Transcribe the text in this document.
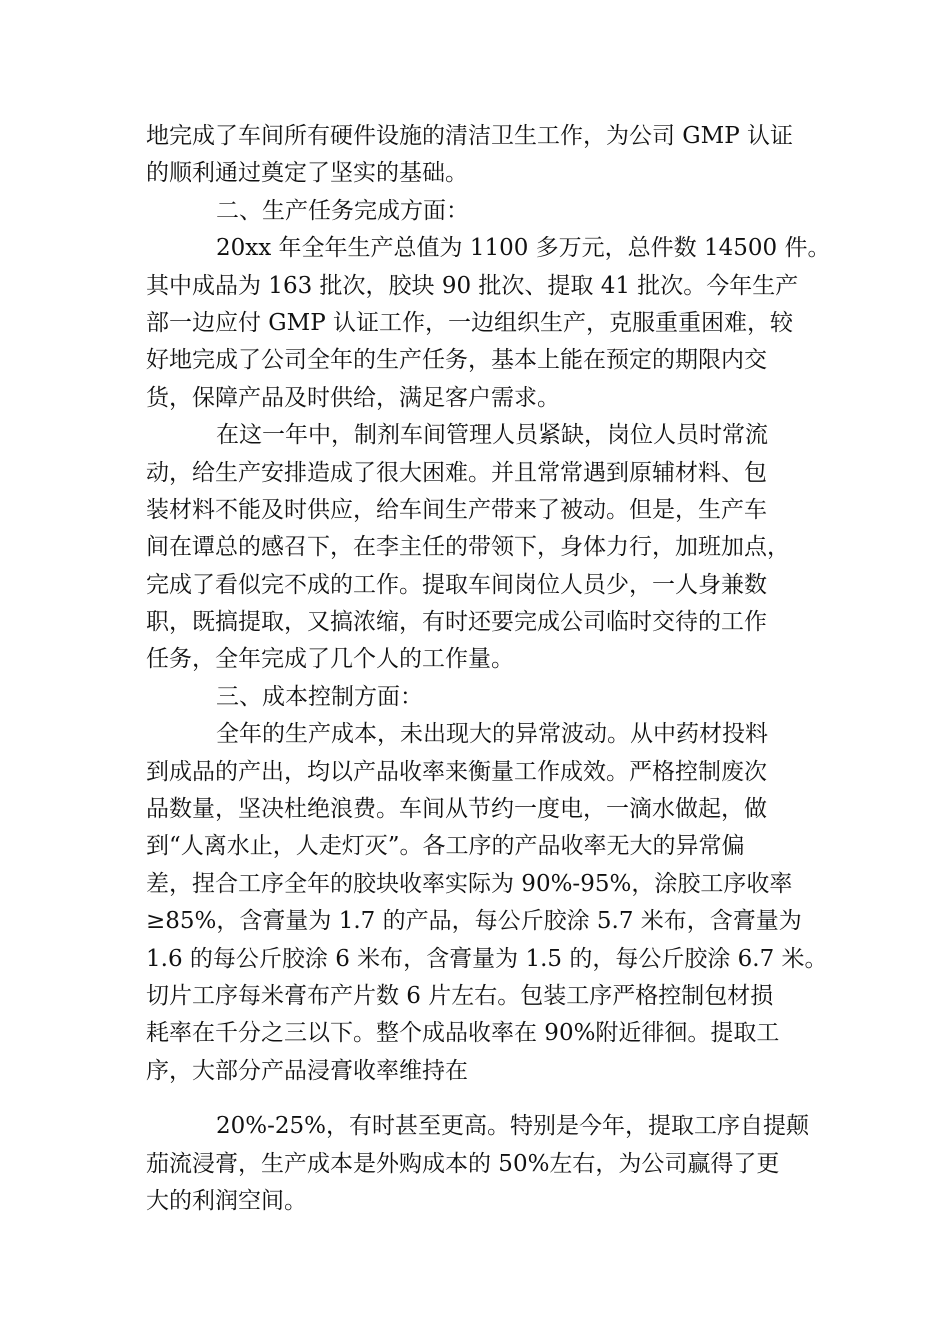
地完成了车间所有硬件设施的清洁卫生工作，为公司 GMP 认证
的顺利通过奠定了坚实的基础。
二、生产任务完成方面：
20xx 年全年生产总值为 1100 多万元，总件数 14500 件。
其中成品为 163 批次，胶块 90 批次、提取 41 批次。今年生产
部一边应付 GMP 认证工作，一边组织生产，克服重重困难，较
好地完成了公司全年的生产任务，基本上能在预定的期限内交
货，保障产品及时供给，满足客户需求。
在这一年中，制剂车间管理人员紧缺，岗位人员时常流
动，给生产安排造成了很大困难。并且常常遇到原辅材料、包
装材料不能及时供应，给车间生产带来了被动。但是，生产车
间在谭总的感召下，在李主任的带领下，身体力行，加班加点，
完成了看似完不成的工作。提取车间岗位人员少，一人身兼数
职，既搞提取，又搞浓缩，有时还要完成公司临时交待的工作
任务，全年完成了几个人的工作量。
三、成本控制方面：
全年的生产成本，未出现大的异常波动。从中药材投料
到成品的产出，均以产品收率来衡量工作成效。严格控制废次
品数量，坚决杜绝浪费。车间从节约一度电，一滴水做起，做
到“人离水止，人走灯灭”。各工序的产品收率无大的异常偏
差，捏合工序全年的胶块收率实际为 90%-95%，涂胶工序收率
≥85%，含膏量为 1.7 的产品，每公斤胶涂 5.7 米布，含膏量为
1.6 的每公斤胶涂 6 米布，含膏量为 1.5 的，每公斤胶涂 6.7 米。
切片工序每米膏布产片数 6 片左右。包装工序严格控制包材损
耗率在千分之三以下。整个成品收率在 90%附近徘徊。提取工
序，大部分产品浸膏收率维持在
20%-25%，有时甚至更高。特别是今年，提取工序自提颠
茄流浸膏，生产成本是外购成本的 50%左右，为公司赢得了更
大的利润空间。
